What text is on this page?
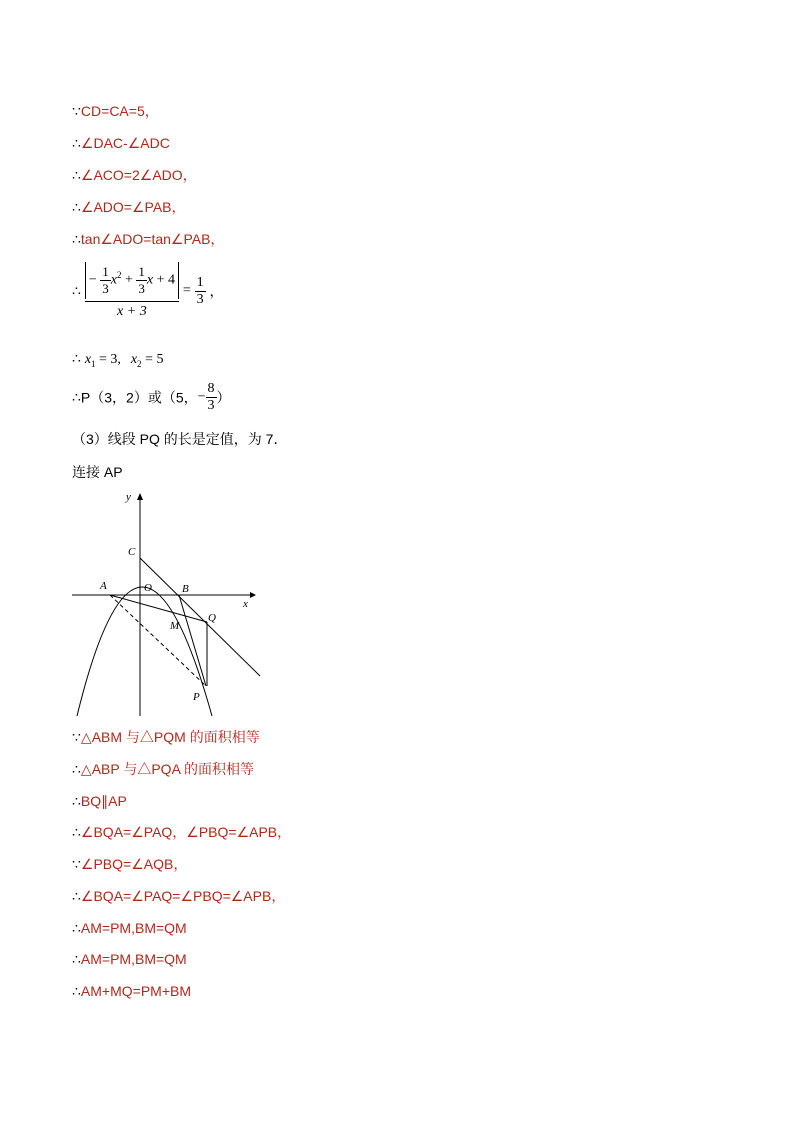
∵CD=CA=5，
∴∠DAC-∠ADC
∴∠ACO=2∠ADO，
∴∠ADO=∠PAB，
∴tan∠ADO=tan∠PAB，
∴ $\frac{- \frac{1}{3} x^2 + \frac{1}{3} x + 4}{x + 3} = \frac{1}{3}$ ，
∴ $x_1 = 3$, $x_2 = 5$
∴P（3，2）或（5，− $\frac{8}{3}$ ）
（3）线段 PQ 的长是定值，为 7．
连接 AP
y
x
C
O
A	B
M
Q
P
∵△ABM 与△PQM 的面积相等
∴△ABP 与△PQA 的面积相等
∴BQ∥AP
∴∠BQA=∠PAQ，∠PBQ=∠APB，
∵∠PBQ=∠AQB，
∴∠BQA=∠PAQ=∠PBQ=∠APB，
∴AM=PM,BM=QM
∴AM=PM,BM=QM
∴AM+MQ=PM+BM
